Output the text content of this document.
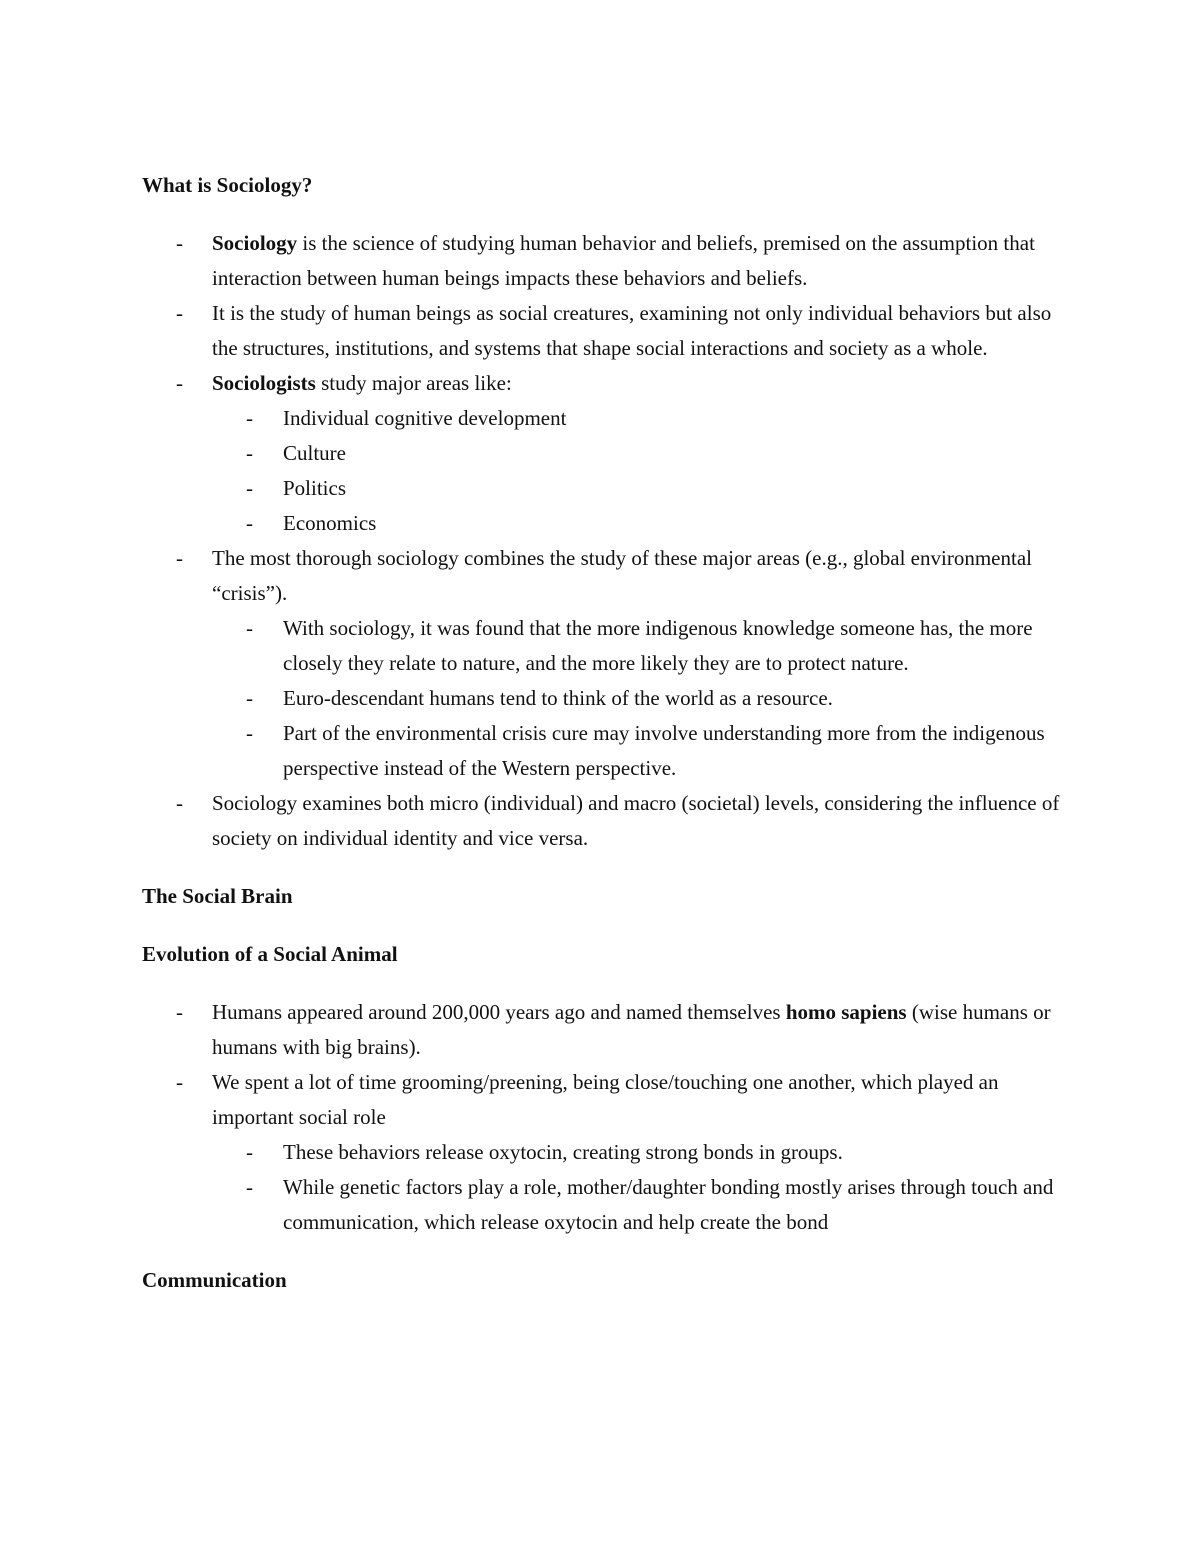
What is Sociology?

- Sociology is the science of studying human behavior and beliefs, premised on the assumption that interaction between human beings impacts these behaviors and beliefs.
- It is the study of human beings as social creatures, examining not only individual behaviors but also the structures, institutions, and systems that shape social interactions and society as a whole.
- Sociologists study major areas like:
- Individual cognitive development
- Culture
- Politics
- Economics
- The most thorough sociology combines the study of these major areas (e.g., global environmental “crisis”).
- With sociology, it was found that the more indigenous knowledge someone has, the more closely they relate to nature, and the more likely they are to protect nature.
- Euro-descendant humans tend to think of the world as a resource.
- Part of the environmental crisis cure may involve understanding more from the indigenous perspective instead of the Western perspective.
- Sociology examines both micro (individual) and macro (societal) levels, considering the influence of society on individual identity and vice versa.

The Social Brain

Evolution of a Social Animal

- Humans appeared around 200,000 years ago and named themselves homo sapiens (wise humans or humans with big brains).
- We spent a lot of time grooming/preening, being close/touching one another, which played an important social role
- These behaviors release oxytocin, creating strong bonds in groups.
- While genetic factors play a role, mother/daughter bonding mostly arises through touch and communication, which release oxytocin and help create the bond

Communication
